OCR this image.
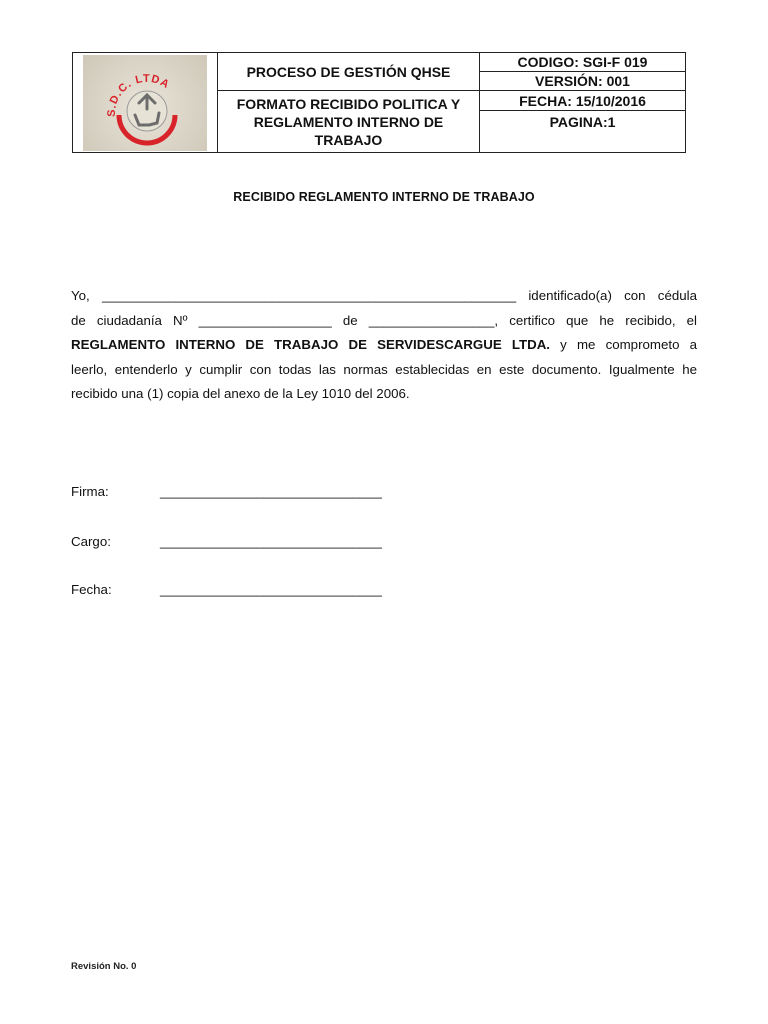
S.D.C. LTDA	PROCESO DE GESTIÓN QHSE	CODIGO: SGI-F 019
		VERSIÓN: 001
	FORMATO RECIBIDO POLITICA Y REGLAMENTO INTERNO DE TRABAJO	FECHA: 15/10/2016
		PAGINA:1
RECIBIDO REGLAMENTO INTERNO DE TRABAJO

Yo, ________________________________________________________ identificado(a) con cédula

de ciudadanía Nº __________________ de _________________, certifico que he recibido, el

REGLAMENTO INTERNO DE TRABAJO DE SERVIDESCARGUE LTDA. y me comprometo a

leerlo, entenderlo y cumplir con todas las normas establecidas en este documento. Igualmente he

recibido una (1) copia del anexo de la Ley 1010 del 2006.

Firma:	______________________________
Cargo:	______________________________
Fecha:	______________________________
Revisión No. 0
